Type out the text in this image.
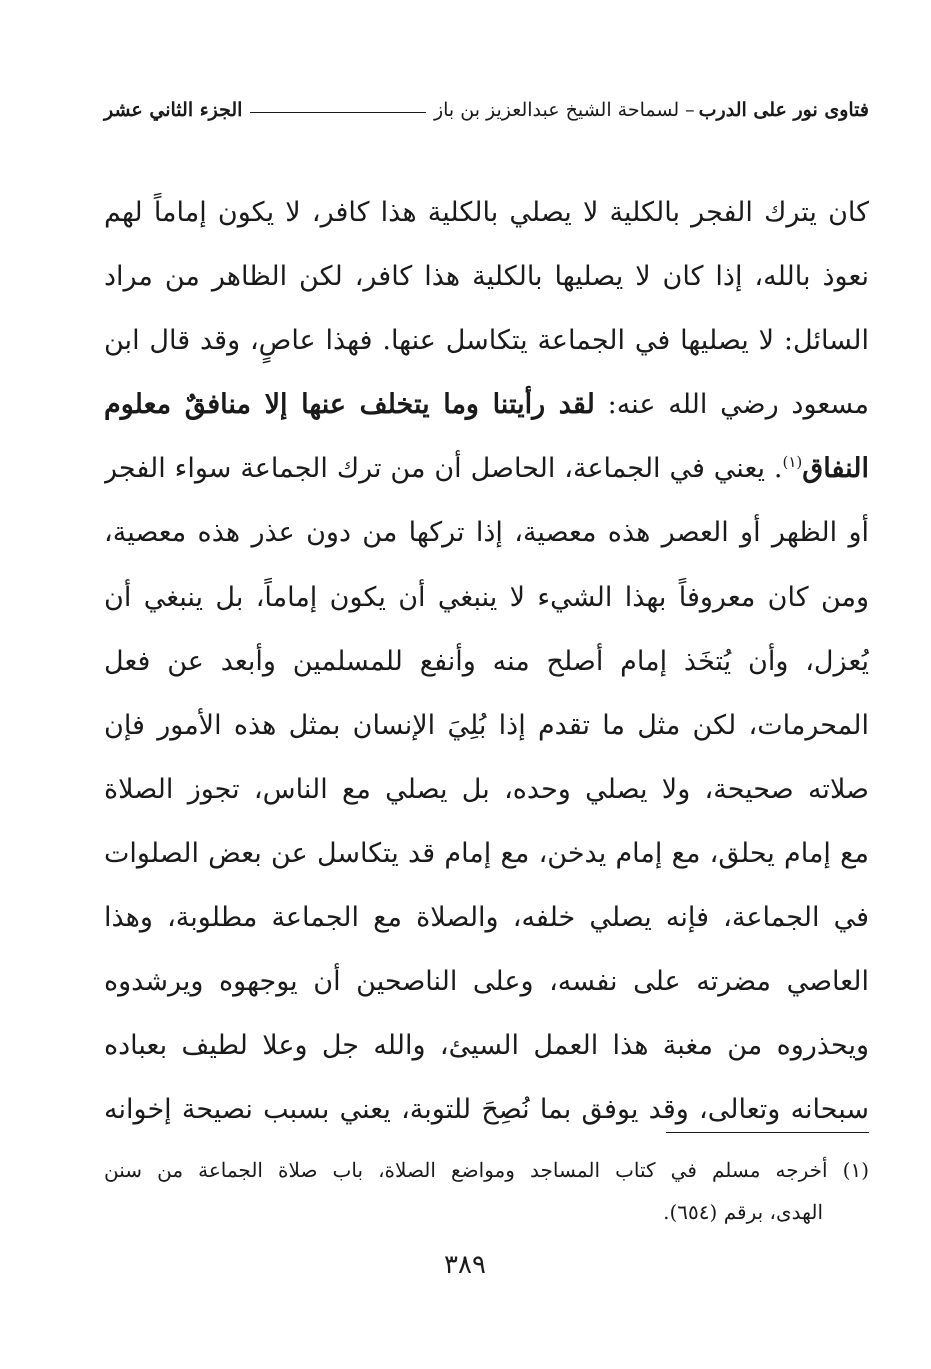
فتاوى نور على الدرب
– لسماحة الشيخ عبدالعزيز بن باز
الجزء الثاني عشر
كان يترك الفجر بالكلية لا يصلي بالكلية هذا كافر، لا يكون إماماً لهم
نعوذ بالله، إذا كان لا يصليها بالكلية هذا كافر، لكن الظاهر من مراد
السائل: لا يصليها في الجماعة يتكاسل عنها. فهذا عاصٍ، وقد قال ابن
مسعود رضي الله عنه: لقد رأيتنا وما يتخلف عنها إلا منافقٌ معلوم
النفاق$^{(١)}$. يعني في الجماعة، الحاصل أن من ترك الجماعة سواء الفجر
أو الظهر أو العصر هذه معصية، إذا تركها من دون عذر هذه معصية،
ومن كان معروفاً بهذا الشيء لا ينبغي أن يكون إماماً، بل ينبغي أن
يُعزل، وأن يُتخَذ إمام أصلح منه وأنفع للمسلمين وأبعد عن فعل
المحرمات، لكن مثل ما تقدم إذا بُلِيَ الإنسان بمثل هذه الأمور فإن
صلاته صحيحة، ولا يصلي وحده، بل يصلي مع الناس، تجوز الصلاة
مع إمام يحلق، مع إمام يدخن، مع إمام قد يتكاسل عن بعض الصلوات
في الجماعة، فإنه يصلي خلفه، والصلاة مع الجماعة مطلوبة، وهذا
العاصي مضرته على نفسه، وعلى الناصحين أن يوجهوه ويرشدوه
ويحذروه من مغبة هذا العمل السيئ، والله جل وعلا لطيف بعباده
سبحانه وتعالى، وقد يوفق بما نُصِحَ للتوبة، يعني بسبب نصيحة إخوانه
(١) أخرجه مسلم في كتاب المساجد ومواضع الصلاة، باب صلاة الجماعة من سنن
الهدى، برقم (٦٥٤).
٣٨٩
